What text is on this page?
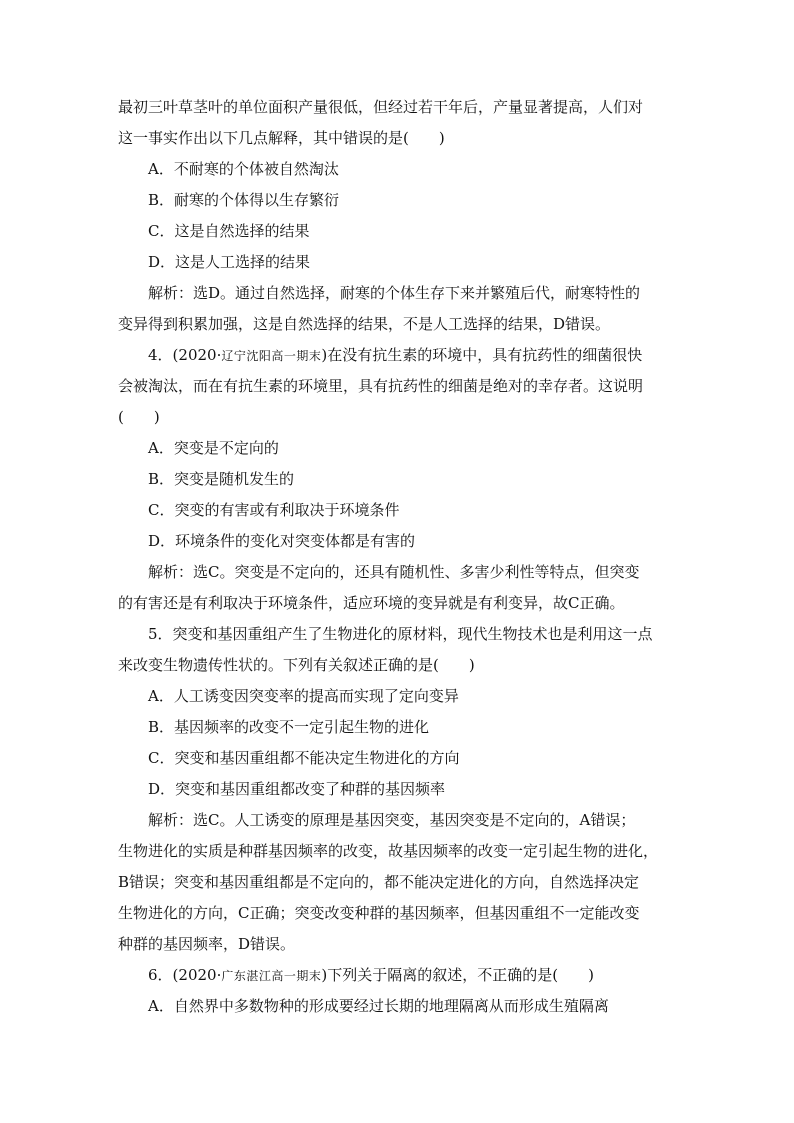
最初三叶草茎叶的单位面积产量很低，但经过若干年后，产量显著提高，人们对
这一事实作出以下几点解释，其中错误的是(　　)
A．不耐寒的个体被自然淘汰
B．耐寒的个体得以生存繁衍
C．这是自然选择的结果
D．这是人工选择的结果
解析：选D。通过自然选择，耐寒的个体生存下来并繁殖后代，耐寒特性的
变异得到积累加强，这是自然选择的结果，不是人工选择的结果，D错误。
4．(2020·辽宁沈阳高一期末)在没有抗生素的环境中，具有抗药性的细菌很快
会被淘汰，而在有抗生素的环境里，具有抗药性的细菌是绝对的幸存者。这说明
(　　)
A．突变是不定向的
B．突变是随机发生的
C．突变的有害或有利取决于环境条件
D．环境条件的变化对突变体都是有害的
解析：选C。突变是不定向的，还具有随机性、多害少利性等特点，但突变
的有害还是有利取决于环境条件，适应环境的变异就是有利变异，故C正确。
5．突变和基因重组产生了生物进化的原材料，现代生物技术也是利用这一点
来改变生物遗传性状的。下列有关叙述正确的是(　　)
A．人工诱变因突变率的提高而实现了定向变异
B．基因频率的改变不一定引起生物的进化
C．突变和基因重组都不能决定生物进化的方向
D．突变和基因重组都改变了种群的基因频率
解析：选C。人工诱变的原理是基因突变，基因突变是不定向的，A错误；
生物进化的实质是种群基因频率的改变，故基因频率的改变一定引起生物的进化，
B错误；突变和基因重组都是不定向的，都不能决定进化的方向，自然选择决定
生物进化的方向，C正确；突变改变种群的基因频率，但基因重组不一定能改变
种群的基因频率，D错误。
6．(2020·广东湛江高一期末)下列关于隔离的叙述，不正确的是(　　)
A．自然界中多数物种的形成要经过长期的地理隔离从而形成生殖隔离
